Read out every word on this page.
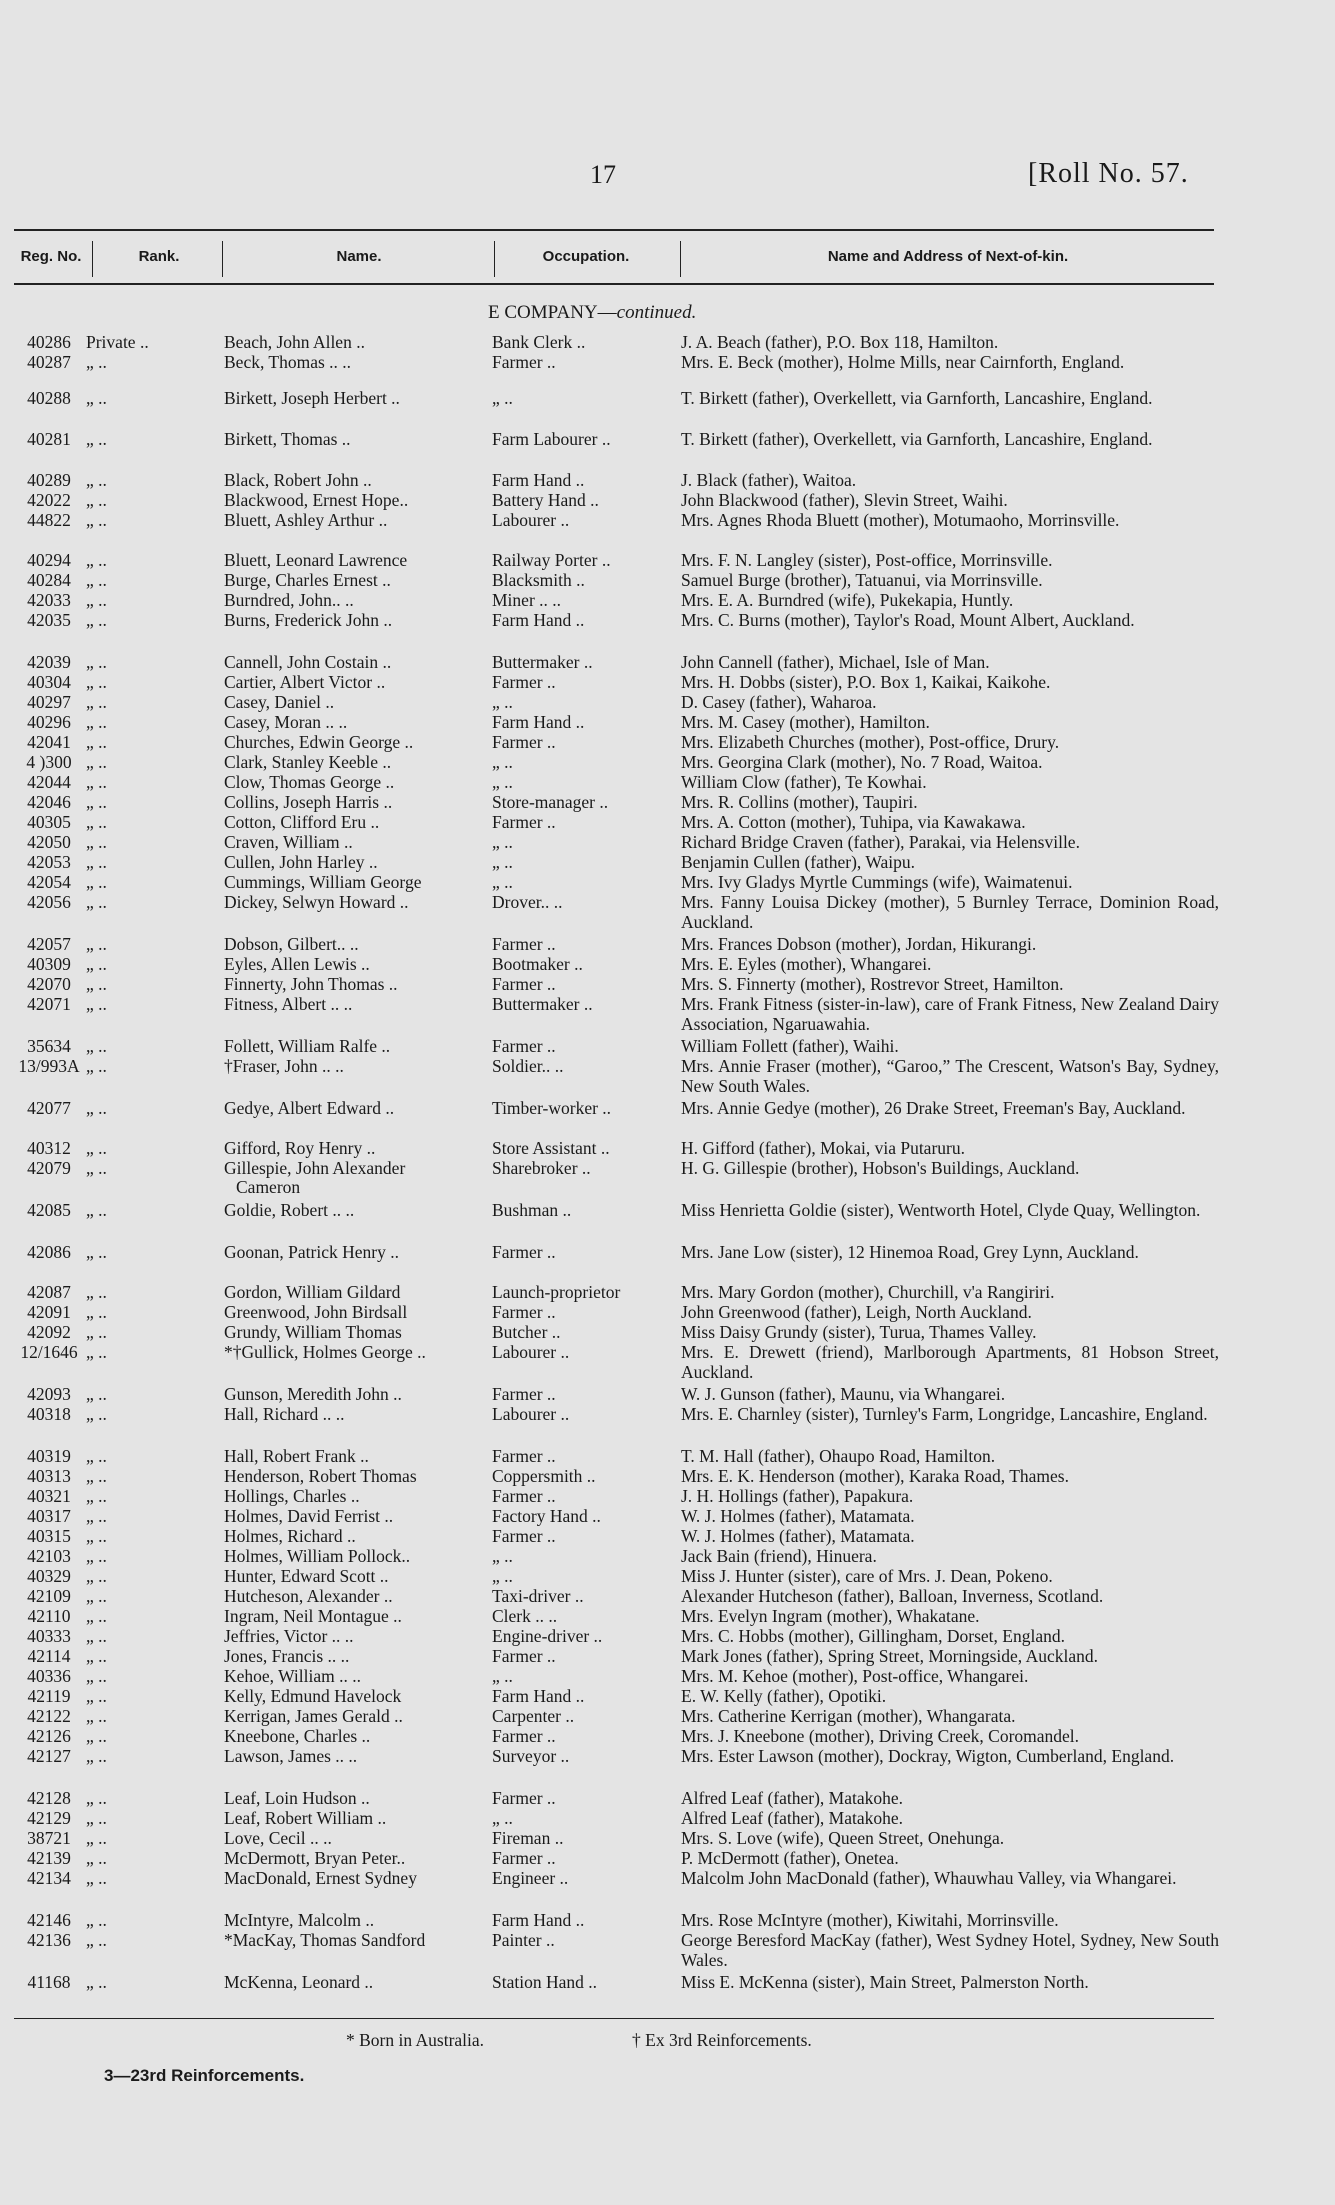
17	[Roll No. 57.
Reg. No.	Rank.	Name.	Occupation.	Name and Address of Next-of-kin.
E COMPANY—continued.
40286 Private ..	Beach, John Allen ..	Bank Clerk ..	J. A. Beach (father), P.O. Box 118, Hamilton.
40287 „ ..	Beck, Thomas .. ..	Farmer ..	Mrs. E. Beck (mother), Holme Mills, near Cairnforth, England.
40288 „ ..	Birkett, Joseph Herbert ..	„ ..	T. Birkett (father), Overkellett, via Garnforth, Lancashire, England.
40281 „ ..	Birkett, Thomas ..	Farm Labourer ..	T. Birkett (father), Overkellett, via Garnforth, Lancashire, England.
40289 „ ..	Black, Robert John ..	Farm Hand ..	J. Black (father), Waitoa.
42022 „ ..	Blackwood, Ernest Hope..	Battery Hand ..	John Blackwood (father), Slevin Street, Waihi.
44822 „ ..	Bluett, Ashley Arthur ..	Labourer ..	Mrs. Agnes Rhoda Bluett (mother), Motumaoho, Morrinsville.
40294 „ ..	Bluett, Leonard Lawrence	Railway Porter ..	Mrs. F. N. Langley (sister), Post-office, Morrinsville.
40284 „ ..	Burge, Charles Ernest ..	Blacksmith ..	Samuel Burge (brother), Tatuanui, via Morrinsville.
42033 „ ..	Burndred, John.. ..	Miner .. ..	Mrs. E. A. Burndred (wife), Pukekapia, Huntly.
42035 „ ..	Burns, Frederick John ..	Farm Hand ..	Mrs. C. Burns (mother), Taylor's Road, Mount Albert, Auckland.
42039 „ ..	Cannell, John Costain ..	Buttermaker ..	John Cannell (father), Michael, Isle of Man.
40304 „ ..	Cartier, Albert Victor ..	Farmer ..	Mrs. H. Dobbs (sister), P.O. Box 1, Kaikai, Kaikohe.
40297 „ ..	Casey, Daniel ..	„ ..	D. Casey (father), Waharoa.
40296 „ ..	Casey, Moran .. ..	Farm Hand ..	Mrs. M. Casey (mother), Hamilton.
42041 „ ..	Churches, Edwin George ..	Farmer ..	Mrs. Elizabeth Churches (mother), Post-office, Drury.
4 )300 „ ..	Clark, Stanley Keeble ..	„ ..	Mrs. Georgina Clark (mother), No. 7 Road, Waitoa.
42044 „ ..	Clow, Thomas George ..	„ ..	William Clow (father), Te Kowhai.
42046 „ ..	Collins, Joseph Harris ..	Store-manager ..	Mrs. R. Collins (mother), Taupiri.
40305 „ ..	Cotton, Clifford Eru ..	Farmer ..	Mrs. A. Cotton (mother), Tuhipa, via Kawakawa.
42050 „ ..	Craven, William ..	„ ..	Richard Bridge Craven (father), Parakai, via Helensville.
42053 „ ..	Cullen, John Harley ..	„ ..	Benjamin Cullen (father), Waipu.
42054 „ ..	Cummings, William George	„ ..	Mrs. Ivy Gladys Myrtle Cummings (wife), Waimatenui.
42056 „ ..	Dickey, Selwyn Howard ..	Drover.. ..	Mrs. Fanny Louisa Dickey (mother), 5 Burnley Terrace, Dominion Road, Auckland.
42057 „ ..	Dobson, Gilbert.. ..	Farmer ..	Mrs. Frances Dobson (mother), Jordan, Hikurangi.
40309 „ ..	Eyles, Allen Lewis ..	Bootmaker ..	Mrs. E. Eyles (mother), Whangarei.
42070 „ ..	Finnerty, John Thomas ..	Farmer ..	Mrs. S. Finnerty (mother), Rostrevor Street, Hamilton.
42071 „ ..	Fitness, Albert .. ..	Buttermaker ..	Mrs. Frank Fitness (sister-in-law), care of Frank Fitness, New Zealand Dairy Association, Ngaruawahia.
35634 „ ..	Follett, William Ralfe ..	Farmer ..	William Follett (father), Waihi.
13/993A „ ..	†Fraser, John .. ..	Soldier.. ..	Mrs. Annie Fraser (mother), “Garoo,” The Crescent, Watson's Bay, Sydney, New South Wales.
42077 „ ..	Gedye, Albert Edward ..	Timber-worker ..	Mrs. Annie Gedye (mother), 26 Drake Street, Freeman's Bay, Auckland.
40312 „ ..	Gifford, Roy Henry ..	Store Assistant ..	H. Gifford (father), Mokai, via Putaruru.
42079 „ ..	Gillespie, John Alexander	Sharebroker ..	H. G. Gillespie (brother), Hobson's Buildings, Auckland.
Cameron
42085 „ ..	Goldie, Robert .. ..	Bushman ..	Miss Henrietta Goldie (sister), Wentworth Hotel, Clyde Quay, Wellington.
42086 „ ..	Goonan, Patrick Henry ..	Farmer ..	Mrs. Jane Low (sister), 12 Hinemoa Road, Grey Lynn, Auckland.
42087 „ ..	Gordon, William Gildard	Launch-proprietor	Mrs. Mary Gordon (mother), Churchill, v'a Rangiriri.
42091 „ ..	Greenwood, John Birdsall	Farmer ..	John Greenwood (father), Leigh, North Auckland.
42092 „ ..	Grundy, William Thomas	Butcher ..	Miss Daisy Grundy (sister), Turua, Thames Valley.
12/1646 „ ..	*†Gullick, Holmes George ..	Labourer ..	Mrs. E. Drewett (friend), Marlborough Apartments, 81 Hobson Street, Auckland.
42093 „ ..	Gunson, Meredith John ..	Farmer ..	W. J. Gunson (father), Maunu, via Whangarei.
40318 „ ..	Hall, Richard .. ..	Labourer ..	Mrs. E. Charnley (sister), Turnley's Farm, Longridge, Lancashire, England.
40319 „ ..	Hall, Robert Frank ..	Farmer ..	T. M. Hall (father), Ohaupo Road, Hamilton.
40313 „ ..	Henderson, Robert Thomas	Coppersmith ..	Mrs. E. K. Henderson (mother), Karaka Road, Thames.
40321 „ ..	Hollings, Charles ..	Farmer ..	J. H. Hollings (father), Papakura.
40317 „ ..	Holmes, David Ferrist ..	Factory Hand ..	W. J. Holmes (father), Matamata.
40315 „ ..	Holmes, Richard ..	Farmer ..	W. J. Holmes (father), Matamata.
42103 „ ..	Holmes, William Pollock..	„ ..	Jack Bain (friend), Hinuera.
40329 „ ..	Hunter, Edward Scott ..	„ ..	Miss J. Hunter (sister), care of Mrs. J. Dean, Pokeno.
42109 „ ..	Hutcheson, Alexander ..	Taxi-driver ..	Alexander Hutcheson (father), Balloan, Inverness, Scotland.
42110 „ ..	Ingram, Neil Montague ..	Clerk .. ..	Mrs. Evelyn Ingram (mother), Whakatane.
40333 „ ..	Jeffries, Victor .. ..	Engine-driver ..	Mrs. C. Hobbs (mother), Gillingham, Dorset, England.
42114 „ ..	Jones, Francis .. ..	Farmer ..	Mark Jones (father), Spring Street, Morningside, Auckland.
40336 „ ..	Kehoe, William .. ..	„ ..	Mrs. M. Kehoe (mother), Post-office, Whangarei.
42119 „ ..	Kelly, Edmund Havelock	Farm Hand ..	E. W. Kelly (father), Opotiki.
42122 „ ..	Kerrigan, James Gerald ..	Carpenter ..	Mrs. Catherine Kerrigan (mother), Whangarata.
42126 „ ..	Kneebone, Charles ..	Farmer ..	Mrs. J. Kneebone (mother), Driving Creek, Coromandel.
42127 „ ..	Lawson, James .. ..	Surveyor ..	Mrs. Ester Lawson (mother), Dockray, Wigton, Cumberland, England.
42128 „ ..	Leaf, Loin Hudson ..	Farmer ..	Alfred Leaf (father), Matakohe.
42129 „ ..	Leaf, Robert William ..	„ ..	Alfred Leaf (father), Matakohe.
38721 „ ..	Love, Cecil .. ..	Fireman ..	Mrs. S. Love (wife), Queen Street, Onehunga.
42139 „ ..	McDermott, Bryan Peter..	Farmer ..	P. McDermott (father), Onetea.
42134 „ ..	MacDonald, Ernest Sydney	Engineer ..	Malcolm John MacDonald (father), Whauwhau Valley, via Whangarei.
42146 „ ..	McIntyre, Malcolm ..	Farm Hand ..	Mrs. Rose McIntyre (mother), Kiwitahi, Morrinsville.
42136 „ ..	*MacKay, Thomas Sandford	Painter ..	George Beresford MacKay (father), West Sydney Hotel, Sydney, New South Wales.
41168 „ ..	McKenna, Leonard ..	Station Hand ..	Miss E. McKenna (sister), Main Street, Palmerston North.
* Born in Australia.	† Ex 3rd Reinforcements.
3—23rd Reinforcements.
